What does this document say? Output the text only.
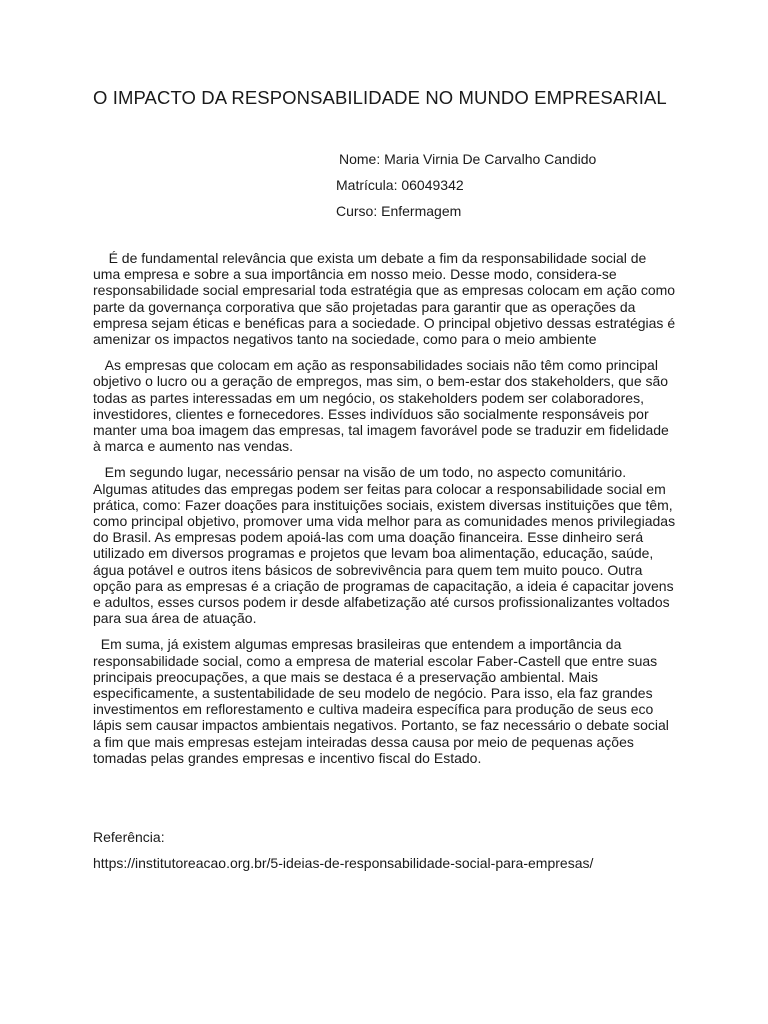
O IMPACTO DA RESPONSABILIDADE NO MUNDO EMPRESARIAL
Nome: Maria Virnia De Carvalho Candido
Matrícula: 06049342
Curso: Enfermagem

É de fundamental relevância que exista um debate a fim da responsabilidade social de uma empresa e sobre a sua importância em nosso meio. Desse modo, considera-se responsabilidade social empresarial toda estratégia que as empresas colocam em ação como parte da governança corporativa que são projetadas para garantir que as operações da empresa sejam éticas e benéficas para a sociedade. O principal objetivo dessas estratégias é amenizar os impactos negativos tanto na sociedade, como para o meio ambiente

As empresas que colocam em ação as responsabilidades sociais não têm como principal objetivo o lucro ou a geração de empregos, mas sim, o bem-estar dos stakeholders, que são todas as partes interessadas em um negócio, os stakeholders podem ser colaboradores, investidores, clientes e fornecedores. Esses indivíduos são socialmente responsáveis por manter uma boa imagem das empresas, tal imagem favorável pode se traduzir em fidelidade à marca e aumento nas vendas.

Em segundo lugar, necessário pensar na visão de um todo, no aspecto comunitário. Algumas atitudes das empregas podem ser feitas para colocar a responsabilidade social em prática, como: Fazer doações para instituições sociais, existem diversas instituições que têm, como principal objetivo, promover uma vida melhor para as comunidades menos privilegiadas do Brasil. As empresas podem apoiá-las com uma doação financeira. Esse dinheiro será utilizado em diversos programas e projetos que levam boa alimentação, educação, saúde, água potável e outros itens básicos de sobrevivência para quem tem muito pouco. Outra opção para as empresas é a criação de programas de capacitação, a ideia é capacitar jovens e adultos, esses cursos podem ir desde alfabetização até cursos profissionalizantes voltados para sua área de atuação.

Em suma, já existem algumas empresas brasileiras que entendem a importância da responsabilidade social, como a empresa de material escolar Faber-Castell que entre suas principais preocupações, a que mais se destaca é a preservação ambiental. Mais especificamente, a sustentabilidade de seu modelo de negócio. Para isso, ela faz grandes investimentos em reflorestamento e cultiva madeira específica para produção de seus eco lápis sem causar impactos ambientais negativos. Portanto, se faz necessário o debate social a fim que mais empresas estejam inteiradas dessa causa por meio de pequenas ações tomadas pelas grandes empresas e incentivo fiscal do Estado.

Referência:
https://institutoreacao.org.br/5-ideias-de-responsabilidade-social-para-empresas/
